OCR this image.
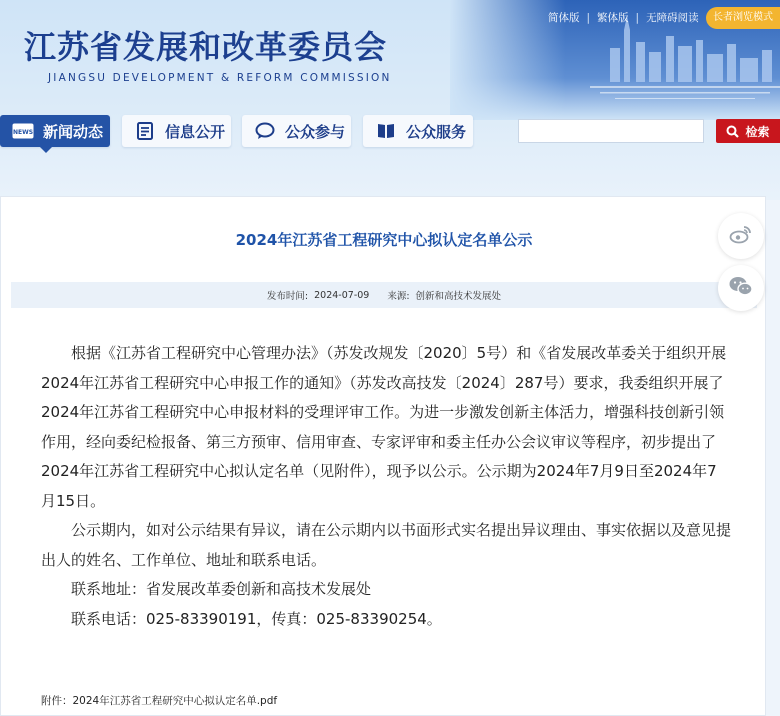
江苏省发展和改革委员会
JIANGSU DEVELOPMENT & REFORM COMMISSION
简体版 | 繁体版 | 无障碍阅读	长者浏览模式
NEWS 新闻动态	信息公开	公众参与	公众服务	检索
2024年江苏省工程研究中心拟认定名单公示
发布时间: 2024-07-09 来源: 创新和高技术发展处

根据《江苏省工程研究中心管理办法》（苏发改规发〔2020〕5号）和《省发展改革委关于组织开展2024年江苏省工程研究中心申报工作的通知》（苏发改高技发〔2024〕287号）要求，我委组织开展了2024年江苏省工程研究中心申报材料的受理评审工作。为进一步激发创新主体活力，增强科技创新引领作用，经向委纪检报备、第三方预审、信用审查、专家评审和委主任办公会议审议等程序，初步提出了2024年江苏省工程研究中心拟认定名单（见附件），现予以公示。公示期为2024年7月9日至2024年7月15日。

公示期内，如对公示结果有异议，请在公示期内以书面形式实名提出异议理由、事实依据以及意见提出人的姓名、工作单位、地址和联系电话。

联系地址：省发展改革委创新和高技术发展处

联系电话：025-83390191，传真：025-83390254。

附件：2024年江苏省工程研究中心拟认定名单.pdf
